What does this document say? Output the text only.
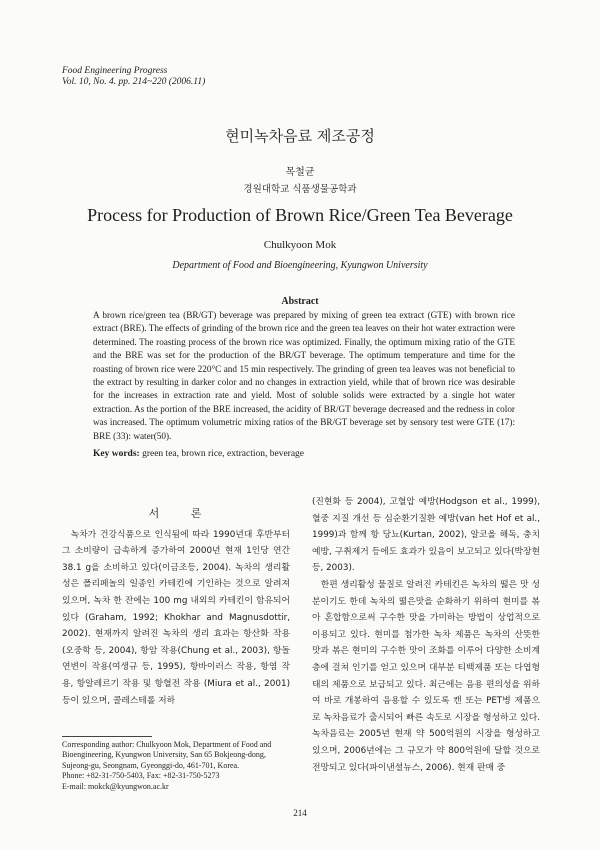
Food Engineering Progress
Vol. 10, No. 4. pp. 214~220 (2006.11)
현미녹차음료 제조공정
목철균
경원대학교 식품생물공학과
Process for Production of Brown Rice/Green Tea Beverage
Chulkyoon Mok
Department of Food and Bioengineering, Kyungwon University
Abstract
A brown rice/green tea (BR/GT) beverage was prepared by mixing of green tea extract (GTE) with brown rice extract (BRE). The effects of grinding of the brown rice and the green tea leaves on their hot water extraction were determined. The roasting process of the brown rice was optimized. Finally, the optimum mixing ratio of the GTE and the BRE was set for the production of the BR/GT beverage. The optimum temperature and time for the roasting of brown rice were 220°C and 15 min respectively. The grinding of green tea leaves was not beneficial to the extract by resulting in darker color and no changes in extraction yield, while that of brown rice was desirable for the increases in extraction rate and yield. Most of soluble solids were extracted by a single hot water extraction. As the portion of the BRE increased, the acidity of BR/GT beverage decreased and the redness in color was increased. The optimum volumetric mixing ratios of the BR/GT beverage set by sensory test were GTE (17): BRE (33): water(50).
Key words: green tea, brown rice, extraction, beverage
서 론

녹차가 건강식품으로 인식됨에 따라 1990년대 후반부터 그 소비량이 급속하게 증가하여 2000년 현재 1인당 연간 38.1 g을 소비하고 있다(이금조등, 2004). 녹차의 생리활성은 폴리페놀의 일종인 카테킨에 기인하는 것으로 알려져 있으며, 녹차 한 잔에는 100 mg 내외의 카테킨이 함유되어 있다 (Graham, 1992; Khokhar and Magnusdottir, 2002). 현재까지 알려진 녹차의 생리 효과는 항산화 작용(오중학 등, 2004), 항암 작용(Chung et al., 2003), 항돌연변이 작용(여생규 등, 1995), 항바이러스 작용, 항염 작용, 항알레르기 작용 및 항혈전 작용 (Miura et al., 2001) 등이 있으며, 콜레스테롤 저하

(진현화 등 2004), 고혈압 예방(Hodgson et al., 1999), 혈중 지질 개선 등 심순환기질환 예방(van het Hof et al., 1999)과 함께 항 당뇨(Kurtan, 2002), 알코올 해독, 충치 예방, 구취제거 등에도 효과가 있음이 보고되고 있다(박장현 등, 2003).

한편 생리활성 물질로 알려진 카테킨은 녹차의 떫은 맛 성분이기도 한데 녹차의 떫은맛을 순화하기 위하여 현미를 볶아 혼합함으로써 구수한 맛을 가미하는 방법이 상업적으로 이용되고 있다. 현미를 첨가한 녹차 제품은 녹차의 산뜻한 맛과 볶은 현미의 구수한 맛이 조화를 이루어 다양한 소비계층에 걸쳐 인기를 얻고 있으며 대부분 티백제품 또는 다엽형태의 제품으로 보급되고 있다. 최근에는 음용 편의성을 위하여 바로 개봉하여 음용할 수 있도록 캔 또는 PET병 제품으로 녹차음료가 출시되어 빠른 속도로 시장을 형성하고 있다. 녹차음료는 2005년 현재 약 500억원의 시장을 형성하고 있으며, 2006년에는 그 규모가 약 800억원에 달할 것으로 전망되고 있다(파이낸셜뉴스, 2006). 현재 판매 중

Corresponding author: Chulkyoon Mok, Department of Food and Bioengineering, Kyungwon University, San 65 Bokjeong-dong, Sujeong-gu, Seongnam, Gyeonggi-do, 461-701, Korea.
Phone: +82-31-750-5403, Fax: +82-31-750-5273
E-mail: mokck@kyungwon.ac.kr
214
